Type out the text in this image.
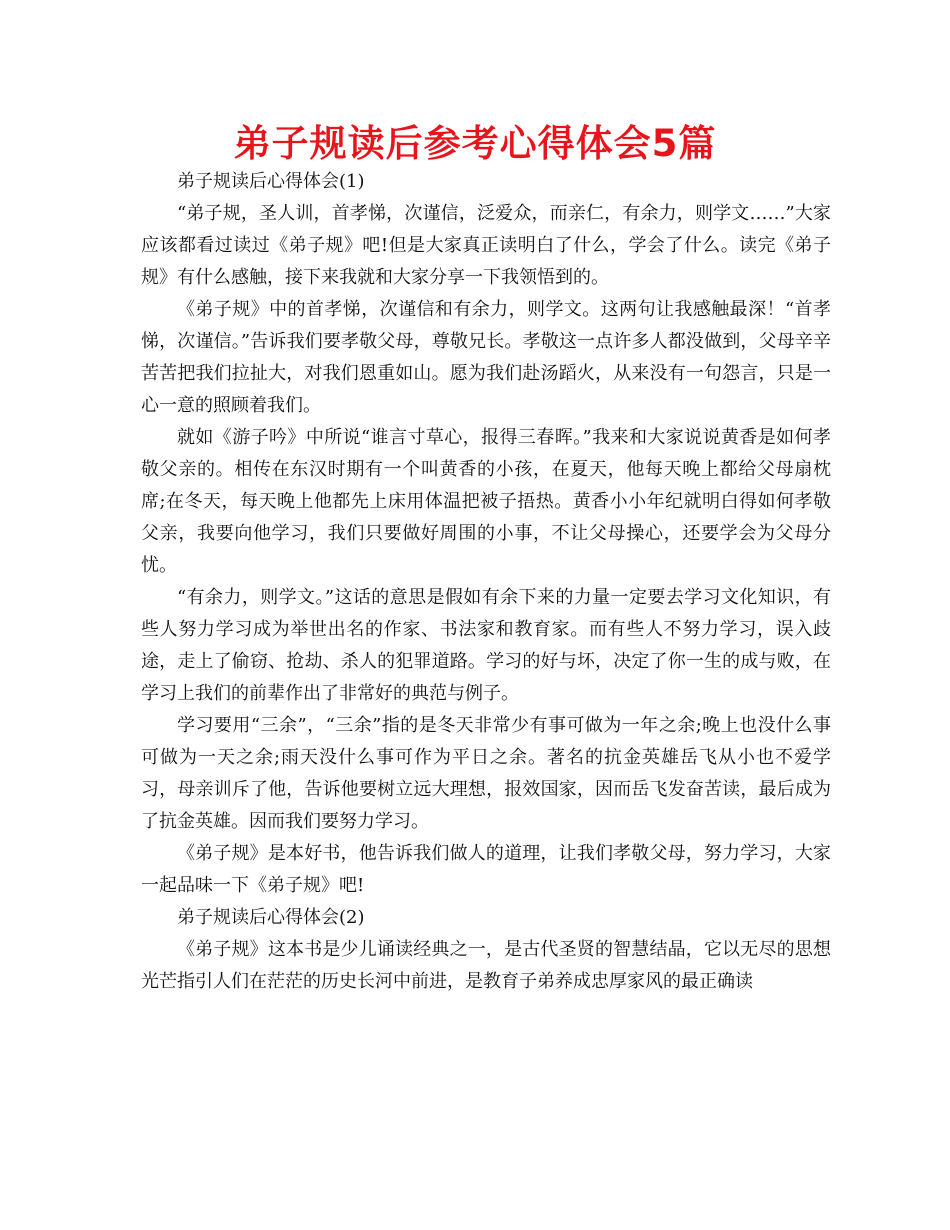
弟子规读后参考心得体会5篇

弟子规读后心得体会(1)

“弟子规，圣人训，首孝悌，次谨信，泛爱众，而亲仁，有余力，则学文……”大家应该都看过读过《弟子规》吧!但是大家真正读明白了什么，学会了什么。读完《弟子规》有什么感触，接下来我就和大家分享一下我领悟到的。

《弟子规》中的首孝悌，次谨信和有余力，则学文。这两句让我感触最深！“首孝悌，次谨信。”告诉我们要孝敬父母，尊敬兄长。孝敬这一点许多人都没做到，父母辛辛苦苦把我们拉扯大，对我们恩重如山。愿为我们赴汤蹈火，从来没有一句怨言，只是一心一意的照顾着我们。

就如《游子吟》中所说“谁言寸草心，报得三春晖。”我来和大家说说黄香是如何孝敬父亲的。相传在东汉时期有一个叫黄香的小孩，在夏天，他每天晚上都给父母扇枕席;在冬天，每天晚上他都先上床用体温把被子捂热。黄香小小年纪就明白得如何孝敬父亲，我要向他学习，我们只要做好周围的小事，不让父母操心，还要学会为父母分忧。

“有余力，则学文。”这话的意思是假如有余下来的力量一定要去学习文化知识，有些人努力学习成为举世出名的作家、书法家和教育家。而有些人不努力学习，误入歧途，走上了偷窃、抢劫、杀人的犯罪道路。学习的好与坏，决定了你一生的成与败，在学习上我们的前辈作出了非常好的典范与例子。

学习要用“三余”，“三余”指的是冬天非常少有事可做为一年之余;晚上也没什么事可做为一天之余;雨天没什么事可作为平日之余。著名的抗金英雄岳飞从小也不爱学习，母亲训斥了他，告诉他要树立远大理想，报效国家，因而岳飞发奋苦读，最后成为了抗金英雄。因而我们要努力学习。

《弟子规》是本好书，他告诉我们做人的道理，让我们孝敬父母，努力学习，大家一起品味一下《弟子规》吧!

弟子规读后心得体会(2)

《弟子规》这本书是少儿诵读经典之一，是古代圣贤的智慧结晶，它以无尽的思想光芒指引人们在茫茫的历史长河中前进，是教育子弟养成忠厚家风的最正确读
